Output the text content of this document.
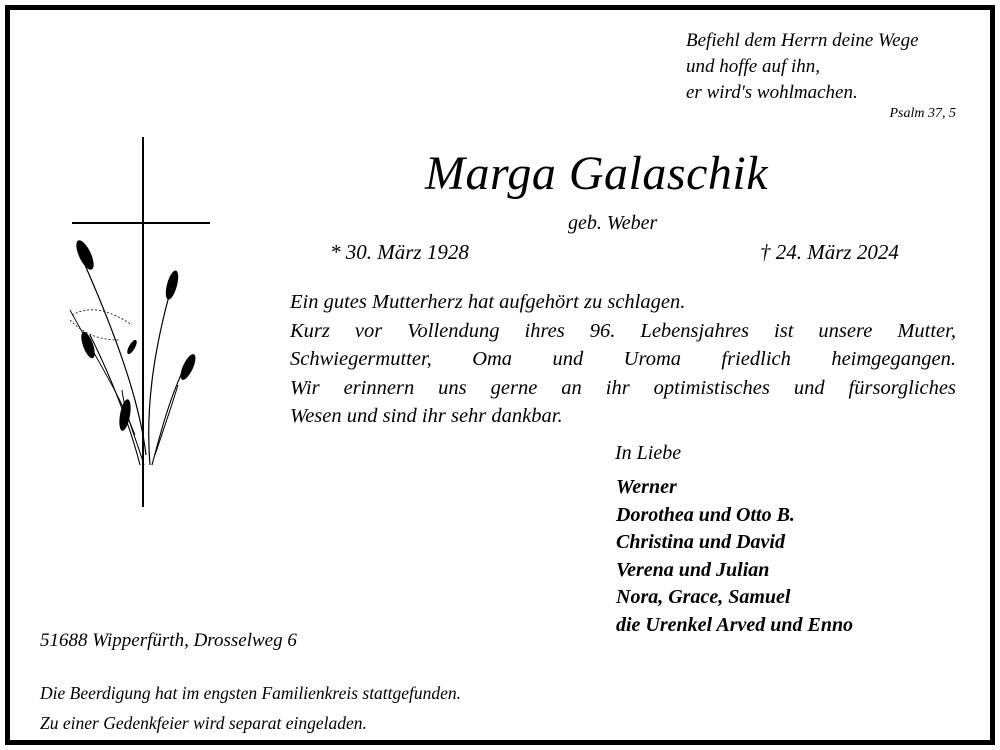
Befiehl dem Herrn deine Wege
und hoffe auf ihn,
er wird's wohlmachen.
Psalm 37, 5
Marga Galaschik
geb. Weber
* 30. März 1928	† 24. März 2024
Ein gutes Mutterherz hat aufgehört zu schlagen.
Kurz vor Vollendung ihres 96. Lebensjahres ist unsere Mutter,
Schwiegermutter, Oma und Uroma friedlich heimgegangen.
Wir erinnern uns gerne an ihr optimistisches und fürsorgliches
Wesen und sind ihr sehr dankbar.
In Liebe
Werner
Dorothea und Otto B.
Christina und David
Verena und Julian
Nora, Grace, Samuel
die Urenkel Arved und Enno
51688 Wipperfürth, Drosselweg 6
Die Beerdigung hat im engsten Familienkreis stattgefunden.
Zu einer Gedenkfeier wird separat eingeladen.
